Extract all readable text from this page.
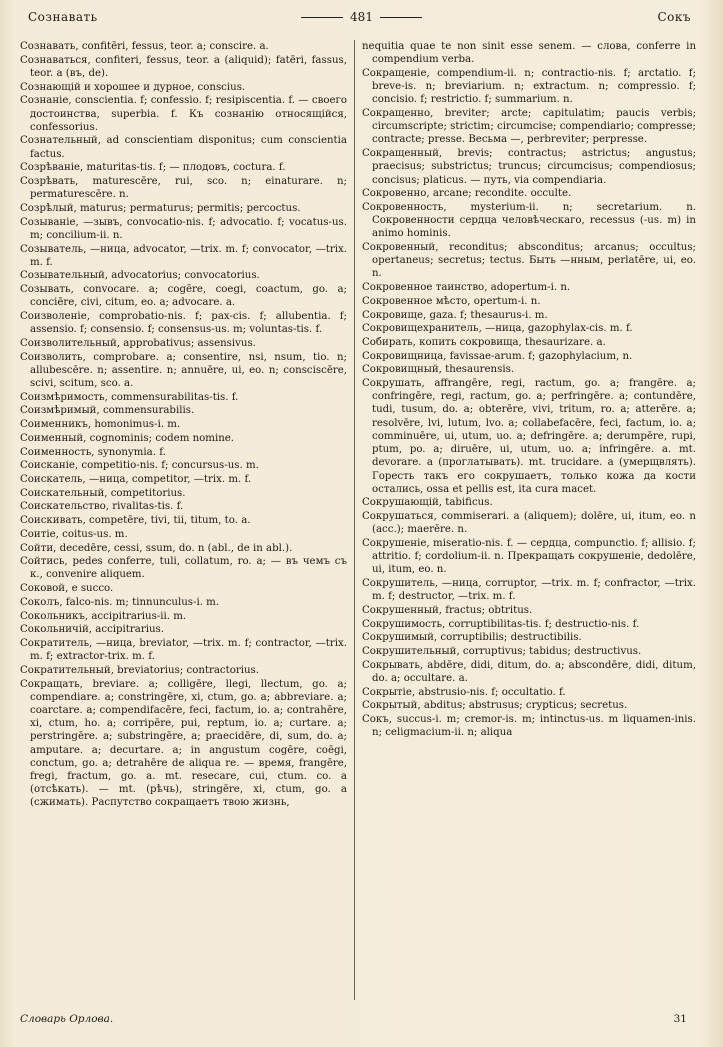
Сознавать	481	Сокъ
Сознавать, confitēri, fessus, teor. a; conscire. a.
Сознаваться, confiteri, fessus, teor. a (aliquid); fatēri, fassus, teor. a (въ, de).
Сознающій и хорошее и дурное, conscius.
Сознаніе, conscientia. f; confessio. f; resipiscentia. f. — своего достоинства, superbia. f. Къ сознанію относящійся, confessorius.
Сознательный, ad conscientiam disponitus; cum conscientia factus.
Созрѣваніе, maturitas-tis. f; — плодовъ, coctura. f.
Созрѣвать, maturescēre, rui, sco. n; einaturare. n; permaturescēre. n.
Созрѣлый, maturus; permaturus; permitis; percoctus.
Созываніе, —зывъ, convocatio-nis. f; advocatio. f; vocatus-us. m; concilium-ii. n.
Созыватель, —ница, advocator, —trix. m. f; convocator, —trix. m. f.
Созывательный, advocatorius; convocatorius.
Созывать, convocare. a; cogēre, coegi, coactum, go. a; conciēre, civi, citum, eo. a; advocare. a.
Соизволеніе, comprobatio-nis. f; pax-cis. f; allubentia. f; assensio. f; consensio. f; consensus-us. m; voluntas-tis. f.
Соизволительный, approbativus; assensivus.
Соизволить, comprobare. a; consentire, nsi, nsum, tio. n; allubescēre. n; assentire. n; annuēre, ui, eo. n; consciscēre, scivi, scitum, sco. a.
Соизмѣримость, commensurabilitas-tis. f.
Соизмѣримый, commensurabilis.
Соименникъ, homonimus-i. m.
Соименный, cognominis; codem nomine.
Соименность, synonymia. f.
Соисканіе, competitio-nis. f; concursus-us. m.
Соискатель, —ница, competitor, —trix. m. f.
Соискательный, competitorius.
Соискательство, rivalitas-tis. f.
Соискивать, competēre, tivi, tii, titum, to. a.
Соитіе, coitus-us. m.
Сойти, decedēre, cessi, ssum, do. n (abl., de in abl.).
Сойтись, pedes conferre, tuli, collatum, ro. a; — въ чемъ съ к., convenire aliquem.
Соковой, e succo.
Соколъ, falco-nis. m; tinnunculus-i. m.
Сокольникъ, accipitrarius-ii. m.
Сокольничій, accipitrarius.
Сократитель, —ница, breviator, —trix. m. f; contractor, —trix. m. f; extractor-trix. m. f.
Сократительный, breviatorius; contractorius.
Сокращать, breviare. a; colligēre, llegi, llectum, go. a; compendiare. a; constringēre, xi, ctum, go. a; abbreviare. a; coarctare. a; compendifacēre, feci, factum, io. a; contrahēre, xi, ctum, ho. a; corripēre, pui, reptum, io. a; curtare. a; perstringēre. a; substringēre, a; praecidēre, di, sum, do. a; amputare. a; decurtare. a; in angustum cogēre, coēgi, conctum, go. a; detrahēre de aliqua re. — время, frangēre, fregi, fractum, go. a. mt. resecare, cui, ctum. co. a (отсѣкать). — mt. (рѣчь), stringēre, xi, ctum, go. a (сжимать). Распутство сокращаетъ твою жизнь,
nequitia quae te non sinit esse senem. — слова, conferre in compendium verba.
Сокращеніе, compendium-ii. n; contractio-nis. f; arctatio. f; breve-is. n; breviarium. n; extractum. n; compressio. f; concisio. f; restrictio. f; summarium. n.
Сокращенно, breviter; arcte; capitulatim; paucis verbis; circumscripte; strictim; circumcise; compendiario; compresse; contracte; presse. Весьма —, perbreviter; perpresse.
Сокращенный, brevis; contractus; astrictus; angustus; praecisus; substrictus; truncus; circumcisus; compendiosus; concisus; platicus. — путь, via compendiaria.
Сокровенно, arcane; recondite. occulte.
Сокровенность, mysterium-ii. n; secretarium. n. Сокровенности сердца человѣческаго, recessus (-us. m) in animo hominis.
Сокровенный, reconditus; absconditus; arcanus; occultus; opertaneus; secretus; tectus. Быть —нным, perlatēre, ui, eo. n.
Сокровенное таинство, adopertum-i. n.
Сокровенное мѣсто, opertum-i. n.
Сокровище, gaza. f; thesaurus-i. m.
Сокровищехранитель, —ница, gazophylax-cis. m. f.
Собирать, копить сокровища, thesaurizare. a.
Сокровищница, favissae-arum. f; gazophylacium, n.
Сокровищный, thesaurensis.
Сокрушать, affrangēre, regi, ractum, go. a; frangēre. a; confringēre, regi, ractum, go. a; perfringēre. a; contundēre, tudi, tusum, do. a; obterēre, vivi, tritum, ro. a; atterēre. a; resolvēre, lvi, lutum, lvo. a; collabefacēre, feci, factum, io. a; comminuēre, ui, utum, uo. a; defringēre. a; derumpēre, rupi, ptum, po. a; diruēre, ui, utum, uo. a; infringēre. a. mt. devorare. a (проглатывать). mt. trucidare. a (умерщвлять). Горесть такъ его сокрушаетъ, только кожа да кости остались, ossa et pellis est, ita cura macet.
Сокрушающій, tabificus.
Сокрушаться, commiserari. a (aliquem); dolēre, ui, itum, eo. n (acc.); maerēre. n.
Сокрушеніе, miseratio-nis. f. — сердца, compunctio. f; allisio. f; attritio. f; cordolium-ii. n. Прекращать сокрушеніе, dedolēre, ui, itum, eo. n.
Сокрушитель, —ница, corruptor, —trix. m. f; confractor, —trix. m. f; destructor, —trix. m. f.
Сокрушенный, fractus; obtritus.
Сокрушимость, corruptibilitas-tis. f; destructio-nis. f.
Сокрушимый, corruptibilis; destructibilis.
Сокрушительный, corruptivus; tabidus; destructivus.
Сокрывать, abdēre, didi, ditum, do. a; abscondēre, didi, ditum, do. a; occultare. a.
Сокрытіе, abstrusio-nis. f; occultatio. f.
Сокрытый, abditus; abstrusus; crypticus; secretus.
Сокъ, succus-i. m; cremor-is. m; intinctus-us. m liquamen-inis. n; celigmacium-ii. n; aliqua
Словарь Орлова.	31
